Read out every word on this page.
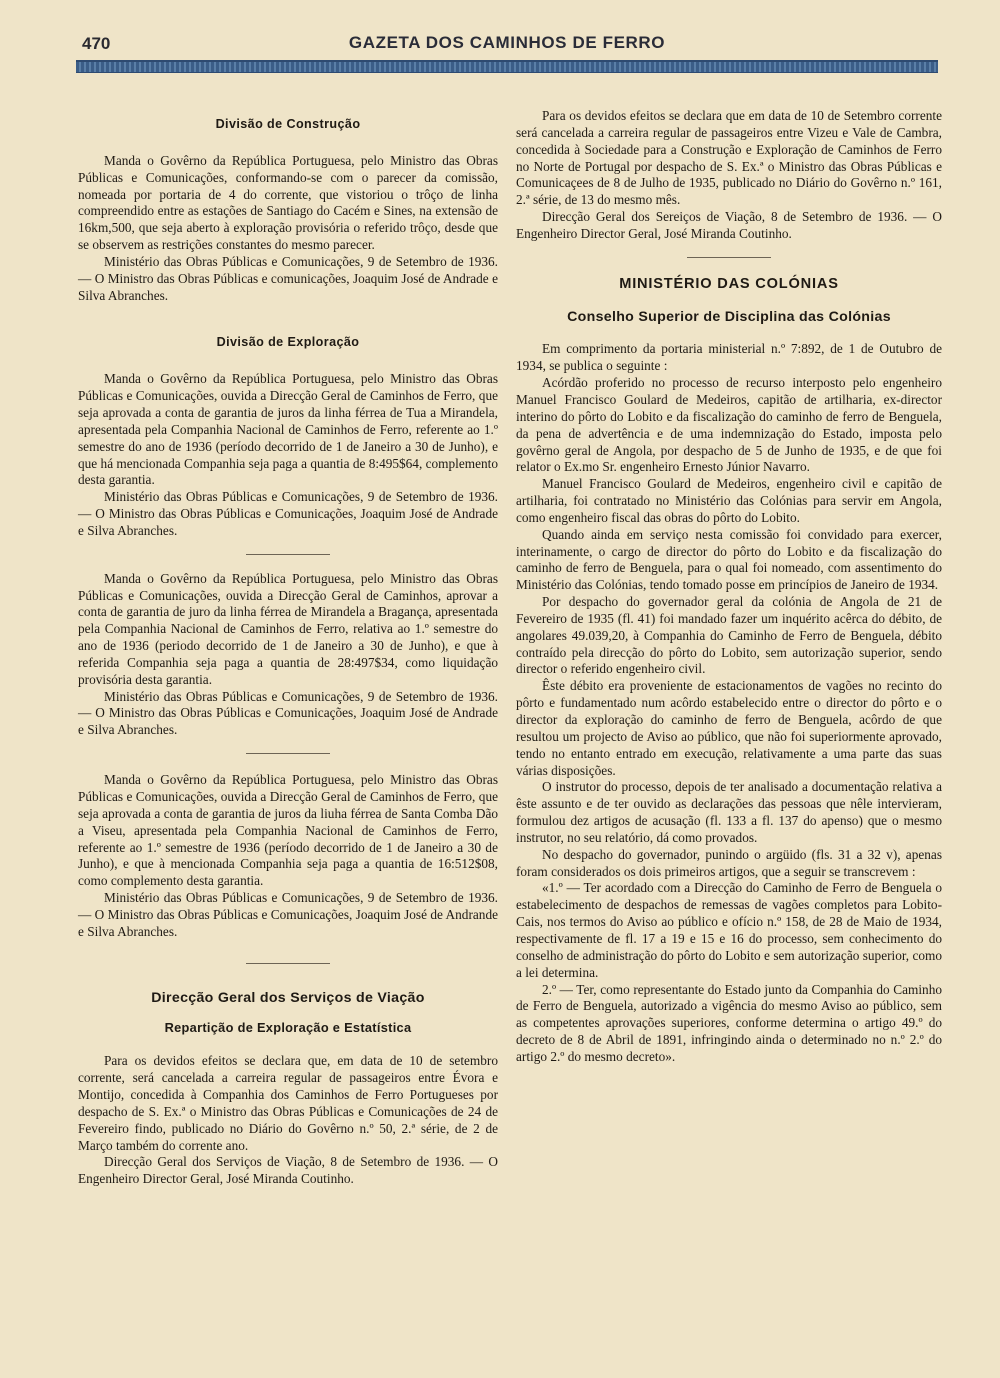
470	GAZETA DOS CAMINHOS DE FERRO
Divisão de Construção

Manda o Govêrno da República Portuguesa, pelo Ministro das Obras Públicas e Comunicações, conformando-se com o parecer da comissão, nomeada por portaria de 4 do corrente, que vistoriou o trôço de linha compreendido entre as estações de Santiago do Cacém e Sines, na extensão de 16km,500, que seja aberto à exploração provisória o referido trôço, desde que se observem as restrições constantes do mesmo parecer.

Ministério das Obras Públicas e Comunicações, 9 de Setembro de 1936. — O Ministro das Obras Públicas e comunicações, Joaquim José de Andrade e Silva Abranches.

Divisão de Exploração

Manda o Govêrno da República Portuguesa, pelo Ministro das Obras Públicas e Comunicações, ouvida a Direcção Geral de Caminhos de Ferro, que seja aprovada a conta de garantia de juros da linha férrea de Tua a Mirandela, apresentada pela Companhia Nacional de Caminhos de Ferro, referente ao 1.º semestre do ano de 1936 (período decorrido de 1 de Janeiro a 30 de Junho), e que há mencionada Companhia seja paga a quantia de 8:495$64, complemento desta garantia.

Ministério das Obras Públicas e Comunicações, 9 de Setembro de 1936. — O Ministro das Obras Públicas e Comunicações, Joaquim José de Andrade e Silva Abranches.

Manda o Govêrno da República Portuguesa, pelo Ministro das Obras Públicas e Comunicações, ouvida a Direcção Geral de Caminhos, aprovar a conta de garantia de juro da linha férrea de Mirandela a Bragança, apresentada pela Companhia Nacional de Caminhos de Ferro, relativa ao 1.º semestre do ano de 1936 (periodo decorrido de 1 de Janeiro a 30 de Junho), e que à referida Companhia seja paga a quantia de 28:497$34, como liquidação provisória desta garantia.

Ministério das Obras Públicas e Comunicações, 9 de Setembro de 1936. — O Ministro das Obras Públicas e Comunicações, Joaquim José de Andrade e Silva Abranches.

Manda o Govêrno da República Portuguesa, pelo Ministro das Obras Públicas e Comunicações, ouvida a Direcção Geral de Caminhos de Ferro, que seja aprovada a conta de garantia de juros da liuha férrea de Santa Comba Dão a Viseu, apresentada pela Companhia Nacional de Caminhos de Ferro, referente ao 1.º semestre de 1936 (período decorrido de 1 de Janeiro a 30 de Junho), e que à mencionada Companhia seja paga a quantia de 16:512$08, como complemento desta garantia.

Ministério das Obras Públicas e Comunicações, 9 de Setembro de 1936. — O Ministro das Obras Públicas e Comunicações, Joaquim José de Andrande e Silva Abranches.

Direcção Geral dos Serviços de Viação
Repartição de Exploração e Estatística

Para os devidos efeitos se declara que, em data de 10 de setembro corrente, será cancelada a carreira regular de passageiros entre Évora e Montijo, concedida à Companhia dos Caminhos de Ferro Portugueses por despacho de S. Ex.ª o Ministro das Obras Públicas e Comunicações de 24 de Fevereiro findo, publicado no Diário do Govêrno n.º 50, 2.ª série, de 2 de Março também do corrente ano.

Direcção Geral dos Serviços de Viação, 8 de Setembro de 1936. — O Engenheiro Director Geral, José Miranda Coutinho.

Para os devidos efeitos se declara que em data de 10 de Setembro corrente será cancelada a carreira regular de passageiros entre Vizeu e Vale de Cambra, concedida à Sociedade para a Construção e Exploração de Caminhos de Ferro no Norte de Portugal por despacho de S. Ex.ª o Ministro das Obras Públicas e Comunicaçees de 8 de Julho de 1935, publicado no Diário do Govêrno n.º 161, 2.ª série, de 13 do mesmo mês.

Direcção Geral dos Sereiços de Viação, 8 de Setembro de 1936. — O Engenheiro Director Geral, José Miranda Coutinho.

MINISTÉRIO DAS COLÓNIAS
Conselho Superior de Disciplina das Colónias

Em comprimento da portaria ministerial n.º 7:892, de 1 de Outubro de 1934, se publica o seguinte :

Acórdão proferido no processo de recurso interposto pelo engenheiro Manuel Francisco Goulard de Medeiros, capitão de artilharia, ex-director interino do pôrto do Lobito e da fiscalização do caminho de ferro de Benguela, da pena de advertência e de uma indemnização do Estado, imposta pelo govêrno geral de Angola, por despacho de 5 de Junho de 1935, e de que foi relator o Ex.mo Sr. engenheiro Ernesto Júnior Navarro.

Manuel Francisco Goulard de Medeiros, engenheiro civil e capitão de artilharia, foi contratado no Ministério das Colónias para servir em Angola, como engenheiro fiscal das obras do pôrto do Lobito.

Quando ainda em serviço nesta comissão foi convidado para exercer, interinamente, o cargo de director do pôrto do Lobito e da fiscalização do caminho de ferro de Benguela, para o qual foi nomeado, com assentimento do Ministério das Colónias, tendo tomado posse em princípios de Janeiro de 1934.

Por despacho do governador geral da colónia de Angola de 21 de Fevereiro de 1935 (fl. 41) foi mandado fazer um inquérito acêrca do débito, de angolares 49.039,20, à Companhia do Caminho de Ferro de Benguela, débito contraído pela direcção do pôrto do Lobito, sem autorização superior, sendo director o referido engenheiro civil.

Êste débito era proveniente de estacionamentos de vagões no recinto do pôrto e fundamentado num acôrdo estabelecido entre o director do pôrto e o director da exploração do caminho de ferro de Benguela, acôrdo de que resultou um projecto de Aviso ao público, que não foi superiormente aprovado, tendo no entanto entrado em execução, relativamente a uma parte das suas várias disposições.

O instrutor do processo, depois de ter analisado a documentação relativa a êste assunto e de ter ouvido as declarações das pessoas que nêle intervieram, formulou dez artigos de acusação (fl. 133 a fl. 137 do apenso) que o mesmo instrutor, no seu relatório, dá como provados.

No despacho do governador, punindo o argüido (fls. 31 a 32 v), apenas foram considerados os dois primeiros artigos, que a seguir se transcrevem :

«1.º — Ter acordado com a Direcção do Caminho de Ferro de Benguela o estabelecimento de despachos de remessas de vagões completos para Lobito-Cais, nos termos do Aviso ao público e ofício n.º 158, de 28 de Maio de 1934, respectivamente de fl. 17 a 19 e 15 e 16 do processo, sem conhecimento do conselho de administração do pôrto do Lobito e sem autorização superior, como a lei determina.

2.º — Ter, como representante do Estado junto da Companhia do Caminho de Ferro de Benguela, autorizado a vigência do mesmo Aviso ao público, sem as competentes aprovações superiores, conforme determina o artigo 49.º do decreto de 8 de Abril de 1891, infringindo ainda o determinado no n.º 2.º do artigo 2.º do mesmo decreto».
